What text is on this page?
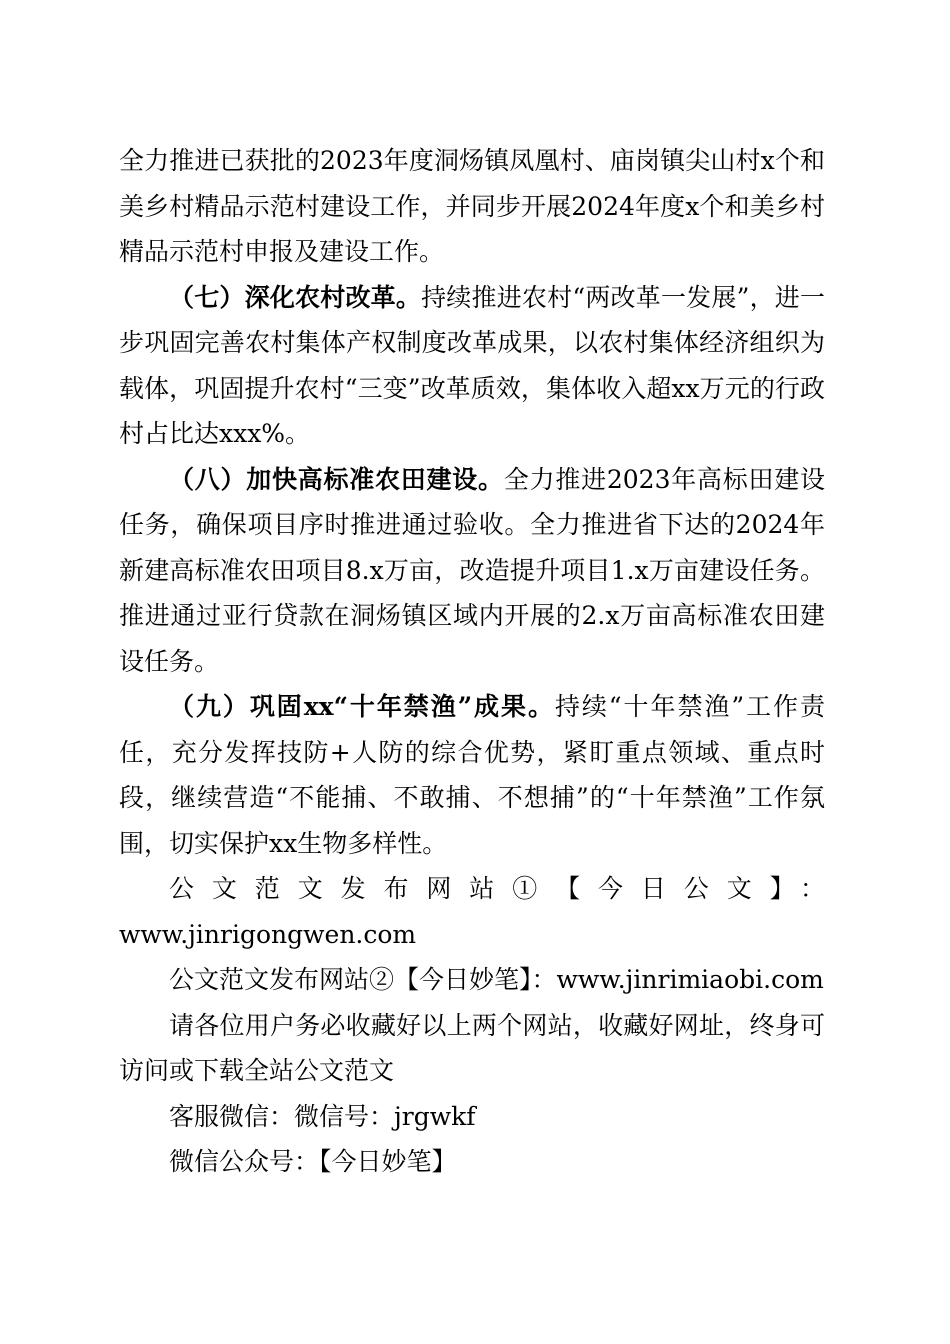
全力推进已获批的2023年度洞炀镇凤凰村、庙岗镇尖山村x个和美乡村精品示范村建设工作，并同步开展2024年度x个和美乡村精品示范村申报及建设工作。

（七）深化农村改革。持续推进农村“两改革一发展”，进一步巩固完善农村集体产权制度改革成果，以农村集体经济组织为载体，巩固提升农村“三变”改革质效，集体收入超xx万元的行政村占比达xxx%。

（八）加快高标准农田建设。全力推进2023年高标田建设任务，确保项目序时推进通过验收。全力推进省下达的2024年新建高标准农田项目8.x万亩，改造提升项目1.x万亩建设任务。推进通过亚行贷款在洞炀镇区域内开展的2.x万亩高标准农田建设任务。

（九）巩固xx“十年禁渔”成果。持续“十年禁渔”工作责任，充分发挥技防+人防的综合优势，紧盯重点领域、重点时段，继续营造“不能捕、不敢捕、不想捕”的“十年禁渔”工作氛围，切实保护xx生物多样性。

公文范文发布网站①【今日公文】：

www.jinrigongwen.com

公文范文发布网站②【今日妙笔】：www.jinrimiaobi.com

请各位用户务必收藏好以上两个网站，收藏好网址，终身可访问或下载全站公文范文

客服微信：微信号：jrgwkf

微信公众号：【今日妙笔】
